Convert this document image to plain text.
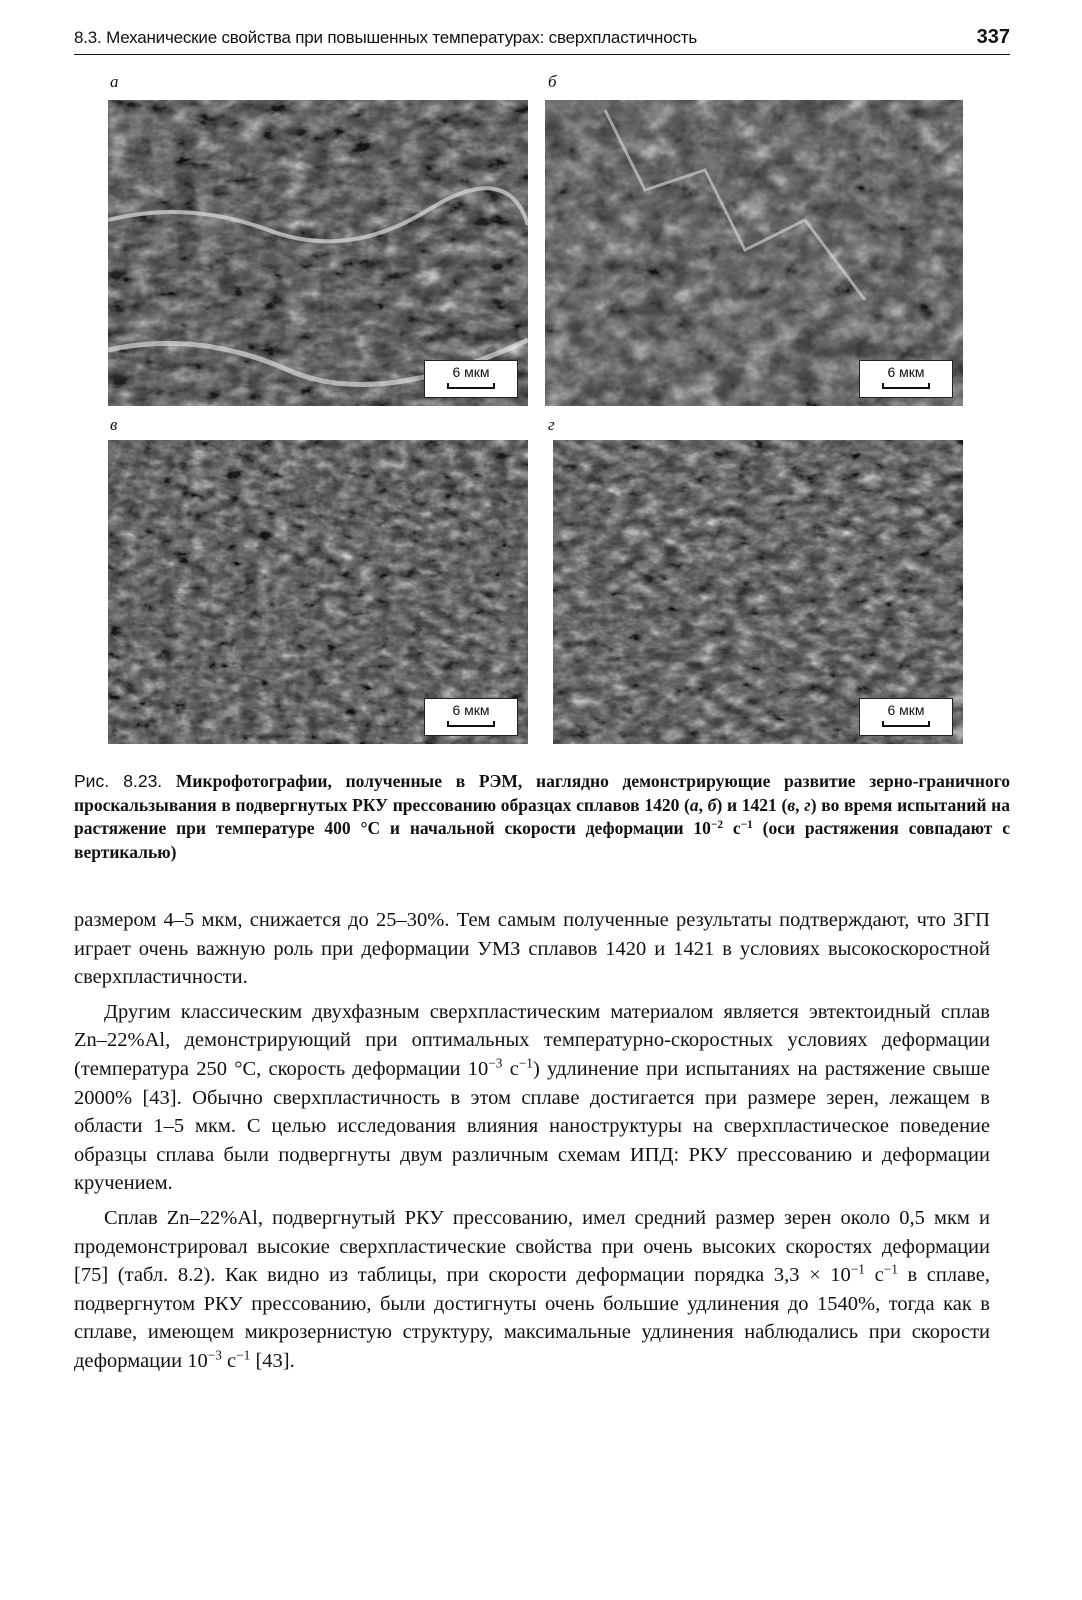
8.3. Механические свойства при повышенных температурах: сверхпластичность	337
а	б
в	г
6 мкм	6 мкм
6 мкм	6 мкм
Рис. 8.23. Микрофотографии, полученные в РЭМ, наглядно демонстрирующие развитие зерно-граничного проскальзывания в подвергнутых РКУ прессованию образцах сплавов 1420 (а, б) и 1421 (в, г) во время испытаний на растяжение при температуре 400 °С и начальной скорости деформации $10^{-2}$ $с^{-1}$ (оси растяжения совпадают с вертикалью)

размером 4–5 мкм, снижается до 25–30%. Тем самым полученные результаты подтверждают, что ЗГП играет очень важную роль при деформации УМЗ сплавов 1420 и 1421 в условиях высокоскоростной сверхпластичности.

Другим классическим двухфазным сверхпластическим материалом является эвтектоидный сплав Zn–22%Al, демонстрирующий при оптимальных температурно-скоростных условиях деформации (температура 250 °С, скорость деформации $10^{-3}$ $с^{-1}$) удлинение при испытаниях на растяжение свыше 2000% [43]. Обычно сверхпластичность в этом сплаве достигается при размере зерен, лежащем в области 1–5 мкм. С целью исследования влияния наноструктуры на сверхпластическое поведение образцы сплава были подвергнуты двум различным схемам ИПД: РКУ прессованию и деформации кручением.

Сплав Zn–22%Al, подвергнутый РКУ прессованию, имел средний размер зерен около 0,5 мкм и продемонстрировал высокие сверхпластические свойства при очень высоких скоростях деформации [75] (табл. 8.2). Как видно из таблицы, при скорости деформации порядка $3,3 \times 10^{-1}$ $с^{-1}$ в сплаве, подвергнутом РКУ прессованию, были достигнуты очень большие удлинения до 1540%, тогда как в сплаве, имеющем микрозернистую структуру, максимальные удлинения наблюдались при скорости деформации $10^{-3}$ $с^{-1}$ [43].
